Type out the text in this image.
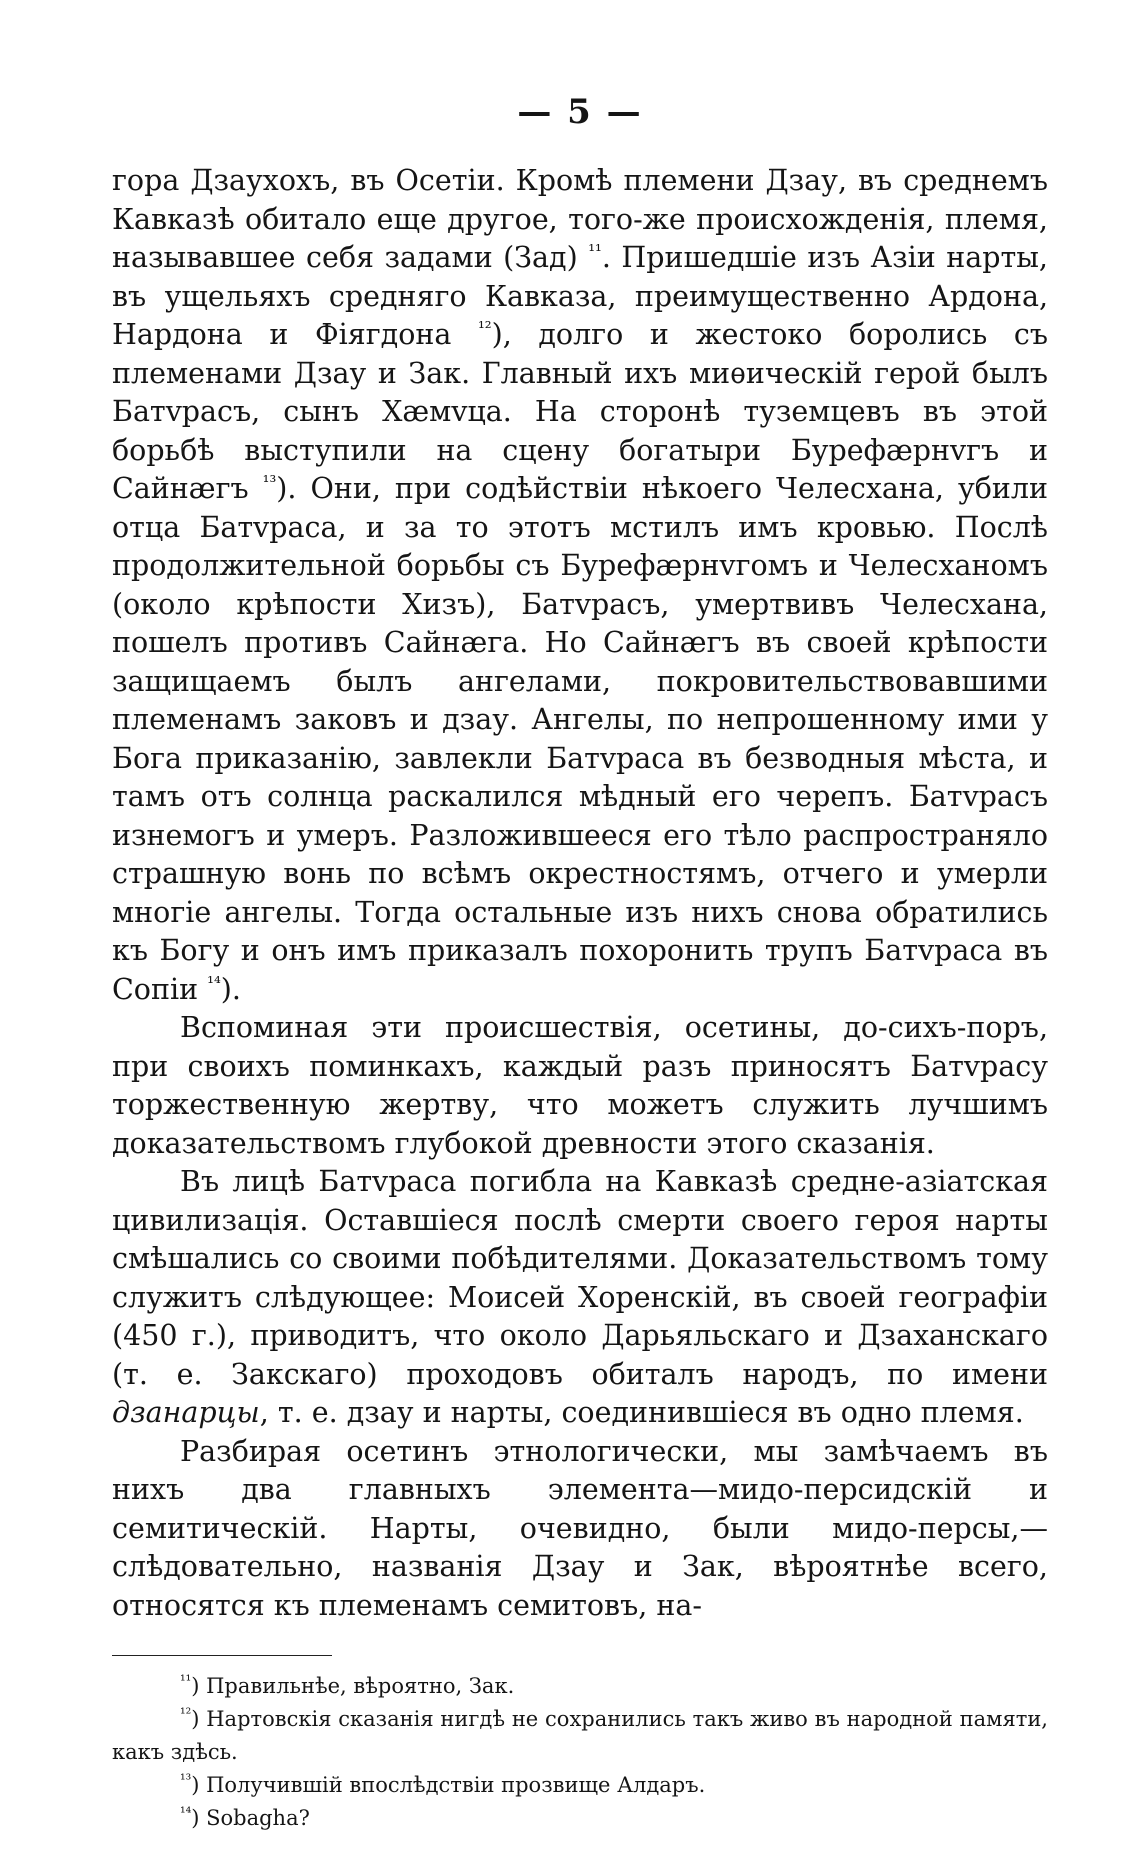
— 5 —

гора Дзаухохъ, въ Осетіи. Кромѣ племени Дзау, въ среднемъ Кавказѣ обитало еще другое, того-же происхожденія, племя, называвшее себя задами (Зад) $^{^{11}}$. Пришедшіе изъ Азіи нарты, въ ущельяхъ средняго Кавказа, преимущественно Ардона, Нардона и Фіягдона $^{^{12}}$), долго и жестоко боролись съ племенами Дзау и Зак. Главный ихъ миѳическій герой былъ Батvрасъ, сынъ Хæмvца. На сторонѣ туземцевъ въ этой борьбѣ выступили на сцену богатыри Бурефæрнvгъ и Сайнæгъ $^{^{13}}$). Они, при содѣйствіи нѣкоего Челесхана, убили отца Батvраса, и за то этотъ мстилъ имъ кровью. Послѣ продолжительной борьбы съ Бурефæрнvгомъ и Челесханомъ (около крѣпости Хизъ), Батvрасъ, умертвивъ Челесхана, пошелъ противъ Сайнæга. Но Сайнæгъ въ своей крѣпости защищаемъ былъ ангелами, покровительствовавшими племенамъ заковъ и дзау. Ангелы, по непрошенному ими у Бога приказанію, завлекли Батvраса въ безводныя мѣста, и тамъ отъ солнца раскалился мѣдный его черепъ. Батvрасъ изнемогъ и умеръ. Разложившееся его тѣло распространяло страшную вонь по всѣмъ окрестностямъ, отчего и умерли многіе ангелы. Тогда остальные изъ нихъ снова обратились къ Богу и онъ имъ приказалъ похоронить трупъ Батvраса въ Сопіи $^{^{14}}$).

Вспоминая эти происшествія, осетины, до-сихъ-поръ, при своихъ поминкахъ, каждый разъ приносятъ Батvрасу торжественную жертву, что можетъ служить лучшимъ доказательствомъ глубокой древности этого сказанія.

Въ лицѣ Батvраса погибла на Кавказѣ средне-азіатская цивилизація. Оставшіеся послѣ смерти своего героя нарты смѣшались со своими побѣдителями. Доказательствомъ тому служитъ слѣдующее: Моисей Хоренскій, въ своей географіи (450 г.), приводитъ, что около Дарьяльскаго и Дзаханскаго (т. е. Закскаго) проходовъ обиталъ народъ, по имени дзанарцы, т. е. дзау и нарты, соединившіеся въ одно племя.

Разбирая осетинъ этнологически, мы замѣчаемъ въ нихъ два главныхъ элемента—мидо-персидскій и семитическій. Нарты, очевидно, были мидо-персы,—слѣдовательно, названія Дзау и Зак, вѣроятнѣе всего, относятся къ племенамъ семитовъ, на-

$^{^{11}}$) Правильнѣе, вѣроятно, Зак.

$^{^{12}}$) Нартовскія сказанія нигдѣ не сохранились такъ живо въ народной памяти, какъ здѣсь.

$^{^{13}}$) Получившій впослѣдствіи прозвище Алдаръ.

$^{^{14}}$) Sobagha?
